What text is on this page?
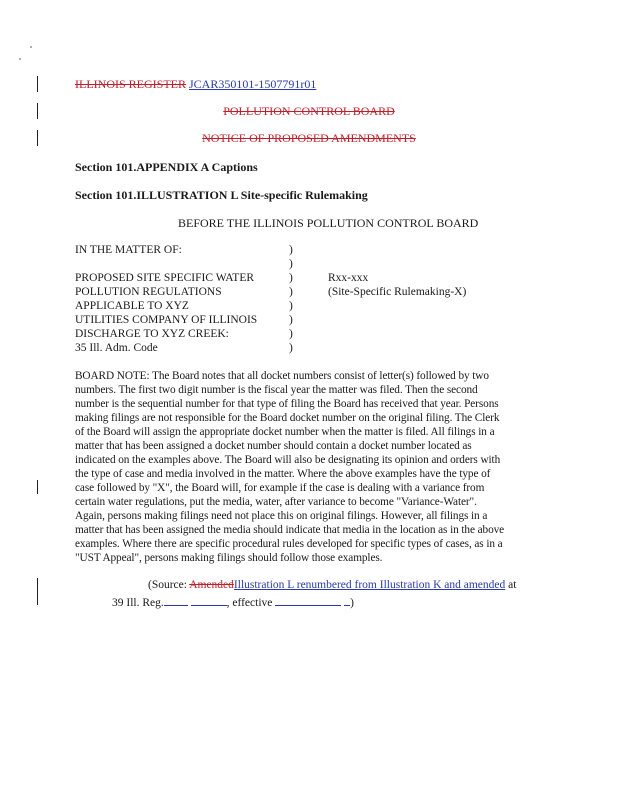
ILLINOIS REGISTER JCAR350101-1507791r01
POLLUTION CONTROL BOARD
NOTICE OF PROPOSED AMENDMENTS
Section 101.APPENDIX A Captions
Section 101.ILLUSTRATION L Site-specific Rulemaking
BEFORE THE ILLINOIS POLLUTION CONTROL BOARD
IN THE MATTER OF:
PROPOSED SITE SPECIFIC WATER
POLLUTION REGULATIONS
APPLICABLE TO XYZ
UTILITIES COMPANY OF ILLINOIS
DISCHARGE TO XYZ CREEK:
35 Ill. Adm. Code
)
)
)
)
)
)
)
)
Rxx-xxx
(Site-Specific Rulemaking-X)
BOARD NOTE: The Board notes that all docket numbers consist of letter(s) followed by two
numbers. The first two digit number is the fiscal year the matter was filed. Then the second
number is the sequential number for that type of filing the Board has received that year. Persons
making filings are not responsible for the Board docket number on the original filing. The Clerk
of the Board will assign the appropriate docket number when the matter is filed. All filings in a
matter that has been assigned a docket number should contain a docket number located as
indicated on the examples above. The Board will also be designating its opinion and orders with
the type of case and media involved in the matter. Where the above examples have the type of
case followed by "X", the Board will, for example if the case is dealing with a variance from
certain water regulations, put the media, water, after variance to become "Variance-Water".
Again, persons making filings need not place this on original filings. However, all filings in a
matter that has been assigned the media should indicate that media in the location as in the above
examples. Where there are specific procedural rules developed for specific types of cases, as in a
"UST Appeal", persons making filings should follow those examples.
(Source: AmendedIllustration L renumbered from Illustration K and amended at
39 Ill. Reg.	, effective	)
